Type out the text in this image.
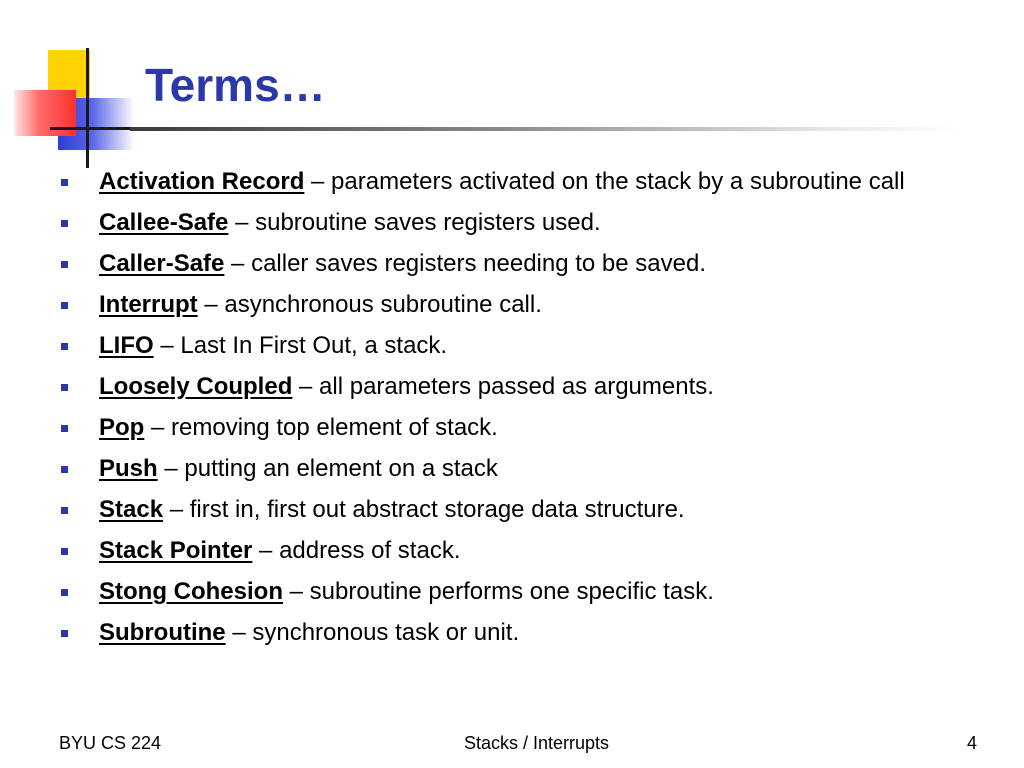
Terms…
Activation Record – parameters activated on the stack by a subroutine call
Callee-Safe – subroutine saves registers used.
Caller-Safe – caller saves registers needing to be saved.
Interrupt – asynchronous subroutine call.
LIFO – Last In First Out, a stack.
Loosely Coupled – all parameters passed as arguments.
Pop – removing top element of stack.
Push – putting an element on a stack
Stack – first in, first out abstract storage data structure.
Stack Pointer – address of stack.
Stong Cohesion – subroutine performs one specific task.
Subroutine – synchronous task or unit.
BYU CS 224	Stacks / Interrupts	4
